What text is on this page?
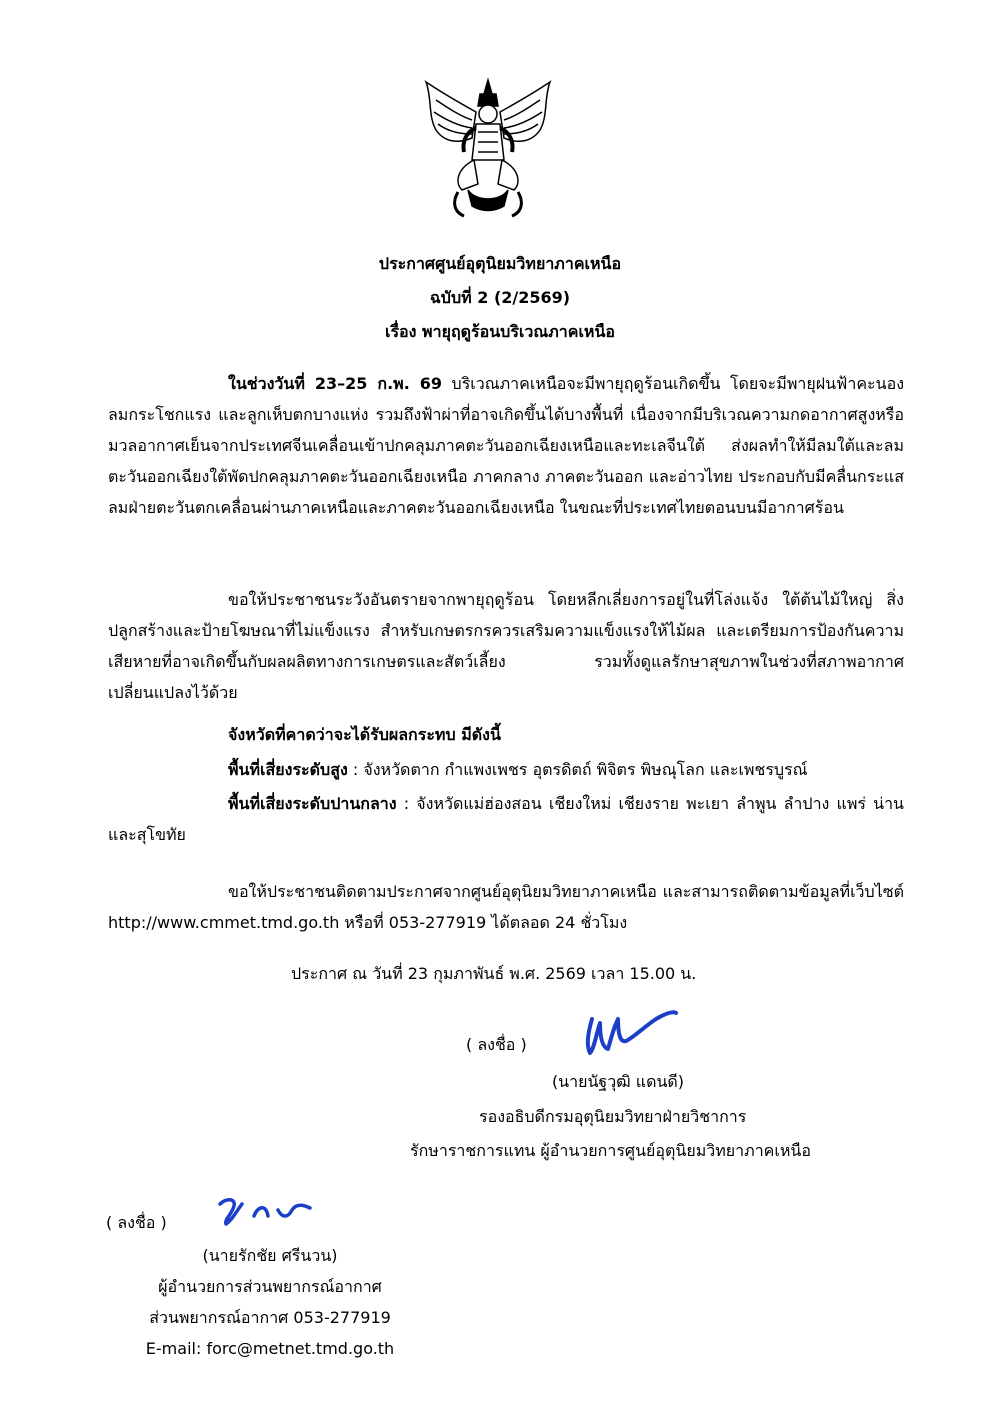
ประกาศศูนย์อุตุนิยมวิทยาภาคเหนือ
ฉบับที่ 2 (2/2569)
เรื่อง พายุฤดูร้อนบริเวณภาคเหนือ
ในช่วงวันที่ 23–25 ก.พ. 69 บริเวณภาคเหนือจะมีพายุฤดูร้อนเกิดขึ้น โดยจะมีพายุฝนฟ้าคะนอง ลมกระโชกแรง และลูกเห็บตกบางแห่ง รวมถึงฟ้าผ่าที่อาจเกิดขึ้นได้บางพื้นที่ เนื่องจากมีบริเวณความกดอากาศสูงหรือมวลอากาศเย็นจากประเทศจีนเคลื่อนเข้าปกคลุมภาคตะวันออกเฉียงเหนือและทะเลจีนใต้ ส่งผลทำให้มีลมใต้และลมตะวันออกเฉียงใต้พัดปกคลุมภาคตะวันออกเฉียงเหนือ ภาคกลาง ภาคตะวันออก และอ่าวไทย ประกอบกับมีคลื่นกระแสลมฝ่ายตะวันตกเคลื่อนผ่านภาคเหนือและภาคตะวันออกเฉียงเหนือ ในขณะที่ประเทศไทยตอนบนมีอากาศร้อน
ขอให้ประชาชนระวังอันตรายจากพายุฤดูร้อน โดยหลีกเลี่ยงการอยู่ในที่โล่งแจ้ง ใต้ต้นไม้ใหญ่ สิ่งปลูกสร้างและป้ายโฆษณาที่ไม่แข็งแรง สำหรับเกษตรกรควรเสริมความแข็งแรงให้ไม้ผล และเตรียมการป้องกันความเสียหายที่อาจเกิดขึ้นกับผลผลิตทางการเกษตรและสัตว์เลี้ยง รวมทั้งดูแลรักษาสุขภาพในช่วงที่สภาพอากาศเปลี่ยนแปลงไว้ด้วย
จังหวัดที่คาดว่าจะได้รับผลกระทบ มีดังนี้
พื้นที่เสี่ยงระดับสูง : จังหวัดตาก กำแพงเพชร อุตรดิตถ์ พิจิตร พิษณุโลก และเพชรบูรณ์
พื้นที่เสี่ยงระดับปานกลาง : จังหวัดแม่ฮ่องสอน เชียงใหม่ เชียงราย พะเยา ลำพูน ลำปาง แพร่ น่าน และสุโขทัย
ขอให้ประชาชนติดตามประกาศจากศูนย์อุตุนิยมวิทยาภาคเหนือ และสามารถติดตามข้อมูลที่เว็บไซต์ http://www.cmmet.tmd.go.th หรือที่ 053-277919 ได้ตลอด 24 ชั่วโมง
ประกาศ ณ วันที่ 23 กุมภาพันธ์ พ.ศ. 2569 เวลา 15.00 น.
( ลงชื่อ )
(นายนัฐวุฒิ แดนดี)
รองอธิบดีกรมอุตุนิยมวิทยาฝ่ายวิชาการ
รักษาราชการแทน ผู้อำนวยการศูนย์อุตุนิยมวิทยาภาคเหนือ
( ลงชื่อ )
(นายรักชัย ศรีนวน)
ผู้อำนวยการส่วนพยากรณ์อากาศ
ส่วนพยากรณ์อากาศ 053-277919
E-mail: forc@metnet.tmd.go.th
